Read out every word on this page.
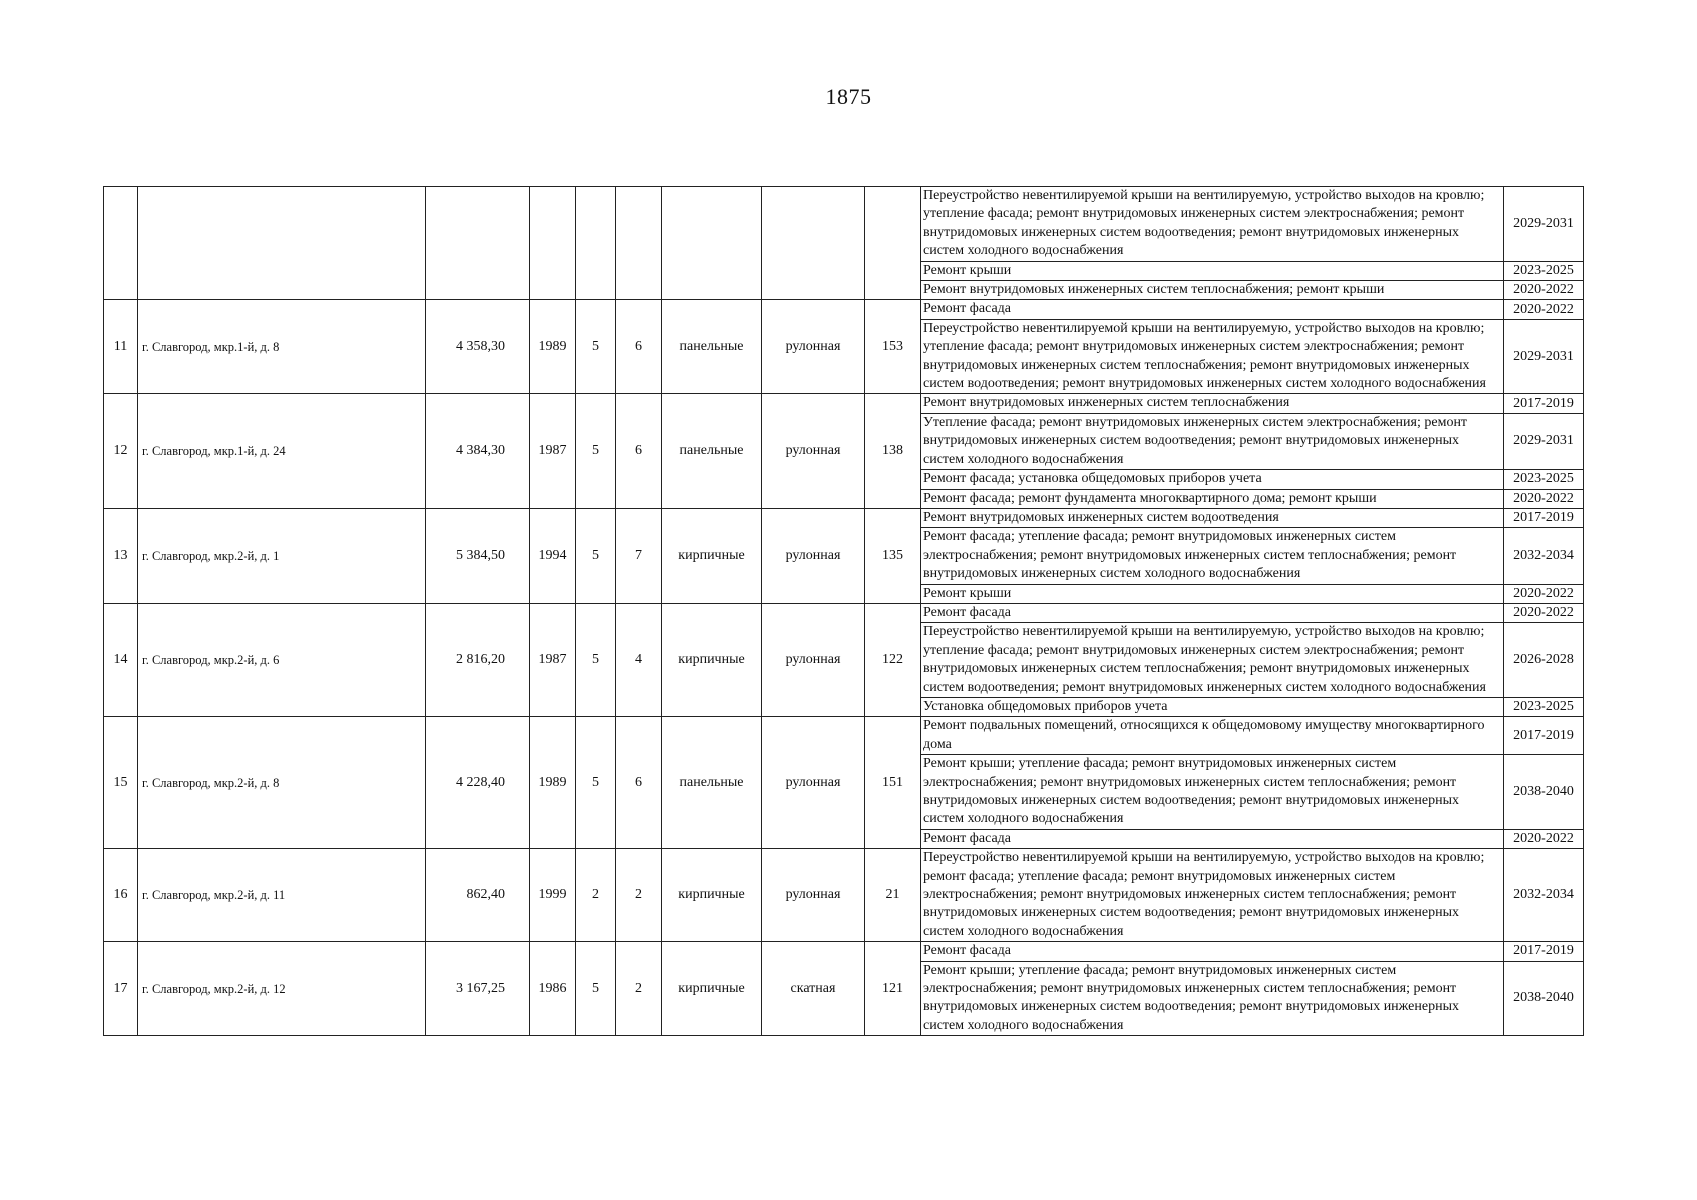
1875
									Переустройство невентилируемой крыши на вентилируемую, устройство выходов на кровлю; утепление фасада; ремонт внутридомовых инженерных систем электроснабжения; ремонт внутридомовых инженерных систем водоотведения; ремонт внутридомовых инженерных систем холодного водоснабжения	2029-2031
									Ремонт крыши	2023-2025
									Ремонт внутридомовых инженерных систем теплоснабжения; ремонт крыши	2020-2022
11	г. Славгород, мкр.1-й, д. 8	4 358,30	1989	5	6	панельные	рулонная	153	Ремонт фасада	2020-2022
									Переустройство невентилируемой крыши на вентилируемую, устройство выходов на кровлю; утепление фасада; ремонт внутридомовых инженерных систем электроснабжения; ремонт внутридомовых инженерных систем теплоснабжения; ремонт внутридомовых инженерных систем водоотведения; ремонт внутридомовых инженерных систем холодного водоснабжения	2029-2031
12	г. Славгород, мкр.1-й, д. 24	4 384,30	1987	5	6	панельные	рулонная	138	Ремонт внутридомовых инженерных систем теплоснабжения	2017-2019
									Утепление фасада; ремонт внутридомовых инженерных систем электроснабжения; ремонт внутридомовых инженерных систем водоотведения; ремонт внутридомовых инженерных систем холодного водоснабжения	2029-2031
									Ремонт фасада; установка общедомовых приборов учета	2023-2025
									Ремонт фасада; ремонт фундамента многоквартирного дома; ремонт крыши	2020-2022
13	г. Славгород, мкр.2-й, д. 1	5 384,50	1994	5	7	кирпичные	рулонная	135	Ремонт внутридомовых инженерных систем водоотведения	2017-2019
									Ремонт фасада; утепление фасада; ремонт внутридомовых инженерных систем электроснабжения; ремонт внутридомовых инженерных систем теплоснабжения; ремонт внутридомовых инженерных систем холодного водоснабжения	2032-2034
									Ремонт крыши	2020-2022
14	г. Славгород, мкр.2-й, д. 6	2 816,20	1987	5	4	кирпичные	рулонная	122	Ремонт фасада	2020-2022
									Переустройство невентилируемой крыши на вентилируемую, устройство выходов на кровлю; утепление фасада; ремонт внутридомовых инженерных систем электроснабжения; ремонт внутридомовых инженерных систем теплоснабжения; ремонт внутридомовых инженерных систем водоотведения; ремонт внутридомовых инженерных систем холодного водоснабжения	2026-2028
									Установка общедомовых приборов учета	2023-2025
15	г. Славгород, мкр.2-й, д. 8	4 228,40	1989	5	6	панельные	рулонная	151	Ремонт подвальных помещений, относящихся к общедомовому имуществу многоквартирного дома	2017-2019
									Ремонт крыши; утепление фасада; ремонт внутридомовых инженерных систем электроснабжения; ремонт внутридомовых инженерных систем теплоснабжения; ремонт внутридомовых инженерных систем водоотведения; ремонт внутридомовых инженерных систем холодного водоснабжения	2038-2040
									Ремонт фасада	2020-2022
16	г. Славгород, мкр.2-й, д. 11	862,40	1999	2	2	кирпичные	рулонная	21	Переустройство невентилируемой крыши на вентилируемую, устройство выходов на кровлю; ремонт фасада; утепление фасада; ремонт внутридомовых инженерных систем электроснабжения; ремонт внутридомовых инженерных систем теплоснабжения; ремонт внутридомовых инженерных систем водоотведения; ремонт внутридомовых инженерных систем холодного водоснабжения	2032-2034
17	г. Славгород, мкр.2-й, д. 12	3 167,25	1986	5	2	кирпичные	скатная	121	Ремонт фасада	2017-2019
									Ремонт крыши; утепление фасада; ремонт внутридомовых инженерных систем электроснабжения; ремонт внутридомовых инженерных систем теплоснабжения; ремонт внутридомовых инженерных систем водоотведения; ремонт внутридомовых инженерных систем холодного водоснабжения	2038-2040
